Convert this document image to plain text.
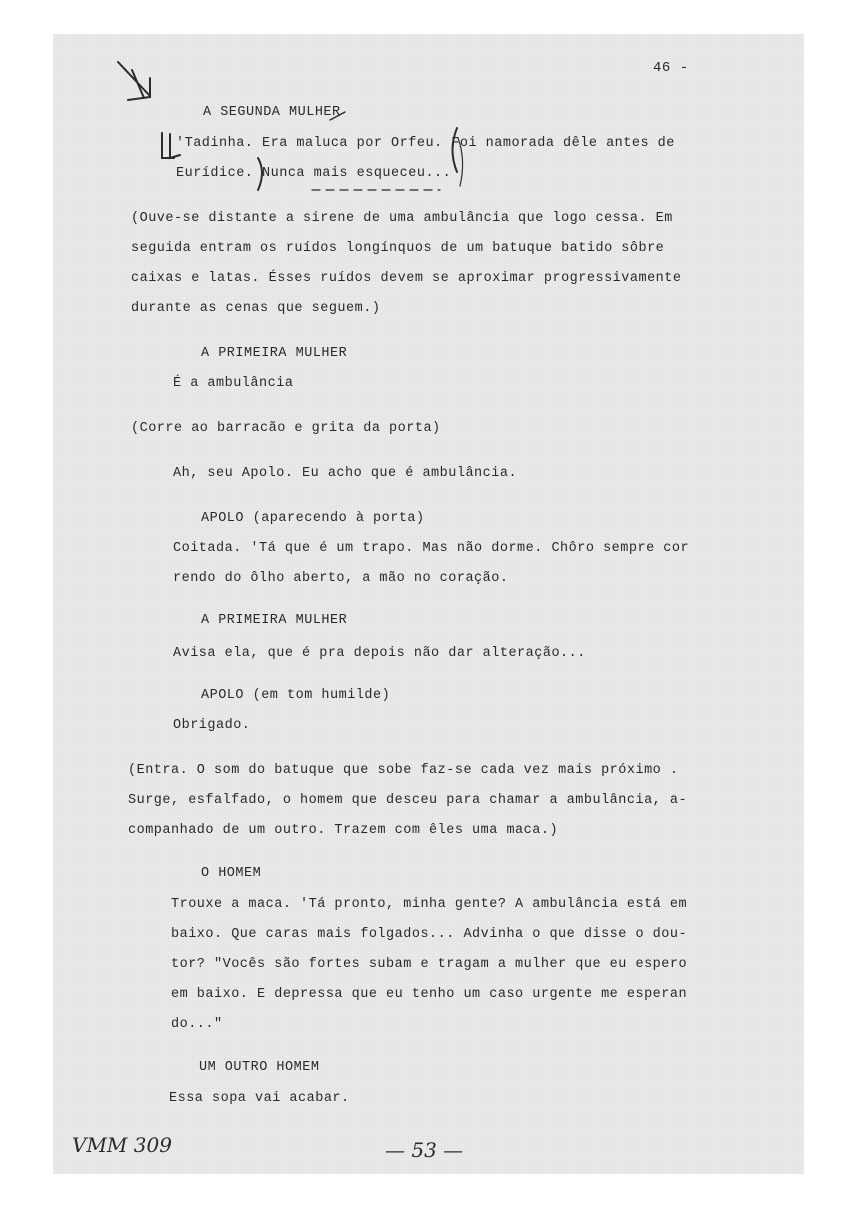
46 -
A SEGUNDA MULHER
'Tadinha. Era maluca por Orfeu. Foi namorada dêle antes de
Eurídice. Nunca mais esqueceu...
(Ouve-se distante a sirene de uma ambulância que logo cessa. Em
seguida entram os ruídos longínquos de um batuque batido sôbre
caixas e latas. Ésses ruídos devem se aproximar progressivamente
durante as cenas que seguem.)
A PRIMEIRA MULHER
É a ambulância
(Corre ao barracão e grita da porta)
Ah, seu Apolo. Eu acho que é ambulância.
APOLO (aparecendo à porta)
Coitada. 'Tá que é um trapo. Mas não dorme. Chôro sempre cor
rendo do ôlho aberto, a mão no coração.
A PRIMEIRA MULHER
Avisa ela, que é pra depois não dar alteração...
APOLO (em tom humilde)
Obrigado.
(Entra. O som do batuque que sobe faz-se cada vez mais próximo .
Surge, esfalfado, o homem que desceu para chamar a ambulância, a-
companhado de um outro. Trazem com êles uma maca.)
O HOMEM
Trouxe a maca. 'Tá pronto, minha gente? A ambulância está em
baixo. Que caras mais folgados... Advinha o que disse o dou-
tor? "Vocês são fortes subam e tragam a mulher que eu espero
em baixo. E depressa que eu tenho um caso urgente me esperan
do..."
UM OUTRO HOMEM
Essa sopa vai acabar.
VMM 309	— 53 —
